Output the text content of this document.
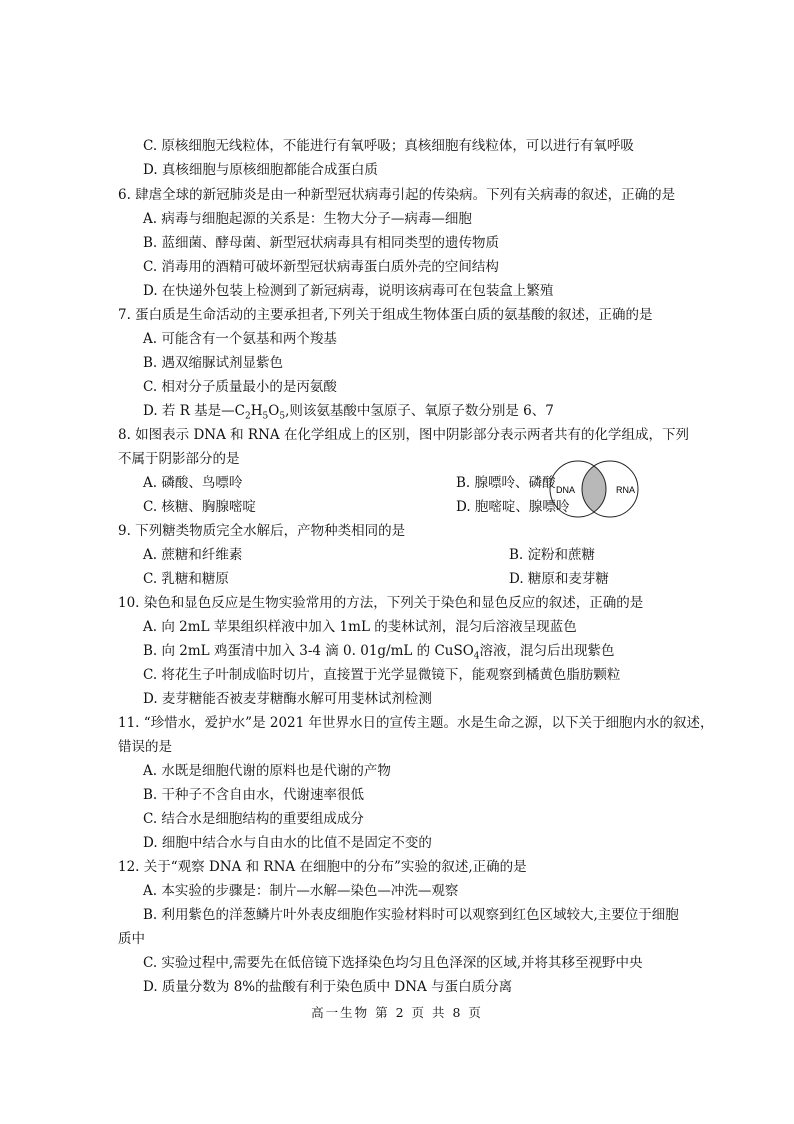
C. 原核细胞无线粒体，不能进行有氧呼吸；真核细胞有线粒体，可以进行有氧呼吸
D. 真核细胞与原核细胞都能合成蛋白质
6. 肆虐全球的新冠肺炎是由一种新型冠状病毒引起的传染病。下列有关病毒的叙述，正确的是
A. 病毒与细胞起源的关系是：生物大分子—病毒—细胞
B. 蓝细菌、酵母菌、新型冠状病毒具有相同类型的遗传物质
C. 消毒用的酒精可破坏新型冠状病毒蛋白质外壳的空间结构
D. 在快递外包装上检测到了新冠病毒，说明该病毒可在包装盒上繁殖
7. 蛋白质是生命活动的主要承担者,下列关于组成生物体蛋白质的氨基酸的叙述，正确的是
A. 可能含有一个氨基和两个羧基
B. 遇双缩脲试剂显紫色
C. 相对分子质量最小的是丙氨酸
D. 若 R 基是$—C_2H_5O_5$,则该氨基酸中氢原子、氧原子数分别是 6、7
8. 如图表示 DNA 和 RNA 在化学组成上的区别，图中阴影部分表示两者共有的化学组成，下列
不属于阴影部分的是
A. 磷酸、鸟嘌呤	B. 腺嘌呤、磷酸
C. 核糖、胸腺嘧啶	D. 胞嘧啶、腺嘌呤
DNA	RNA
9. 下列糖类物质完全水解后，产物种类相同的是
A. 蔗糖和纤维素	B. 淀粉和蔗糖
C. 乳糖和糖原	D. 糖原和麦芽糖
10. 染色和显色反应是生物实验常用的方法，下列关于染色和显色反应的叙述，正确的是
A. 向 2mL 苹果组织样液中加入 1mL 的斐林试剂，混匀后溶液呈现蓝色
B. 向 2mL 鸡蛋清中加入 3-4 滴 0. 01g/mL 的 CuSO$_4$溶液，混匀后出现紫色
C. 将花生子叶制成临时切片，直接置于光学显微镜下，能观察到橘黄色脂肪颗粒
D. 麦芽糖能否被麦芽糖酶水解可用斐林试剂检测
11. “珍惜水，爱护水”是 2021 年世界水日的宣传主题。水是生命之源，以下关于细胞内水的叙述，
错误的是
A. 水既是细胞代谢的原料也是代谢的产物
B. 干种子不含自由水，代谢速率很低
C. 结合水是细胞结构的重要组成成分
D. 细胞中结合水与自由水的比值不是固定不变的
12. 关于“观察 DNA 和 RNA 在细胞中的分布”实验的叙述,正确的是
A. 本实验的步骤是：制片—水解—染色—冲洗—观察
B. 利用紫色的洋葱鳞片叶外表皮细胞作实验材料时可以观察到红色区域较大,主要位于细胞
质中
C. 实验过程中,需要先在低倍镜下选择染色均匀且色泽深的区域,并将其移至视野中央
D. 质量分数为 8%的盐酸有利于染色质中 DNA 与蛋白质分离
高一生物 第 2 页 共 8 页
